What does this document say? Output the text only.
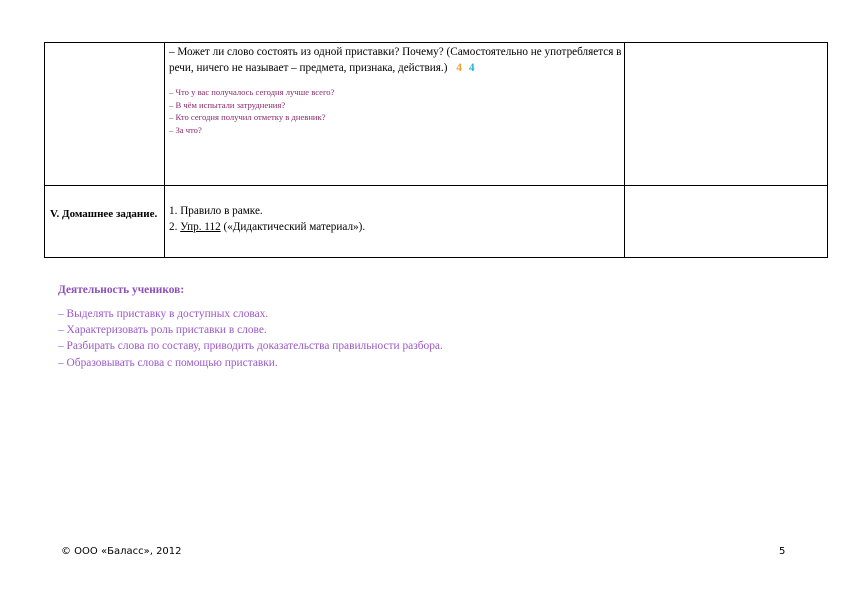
	– Может ли слово состоять из одной приставки? Почему? (Самостоятельно не употребляется в речи, ничего не называет – предмета, признака, действия.) 4 4
– Что у вас получалось сегодня лучше всего?
– В чём испытали затруднения?
– Кто сегодня получил отметку в дневник?
– За что?	

V. Домашнее задание.	1. Правило в рамке.
2. Упр. 112 («Дидактический материал»).	

Деятельность учеников:
– Выделять приставку в доступных словах.
– Характеризовать роль приставки в слове.
– Разбирать слова по составу, приводить доказательства правильности разбора.
– Образовывать слова с помощью приставки.
© ООО «Баласс», 2012	5
